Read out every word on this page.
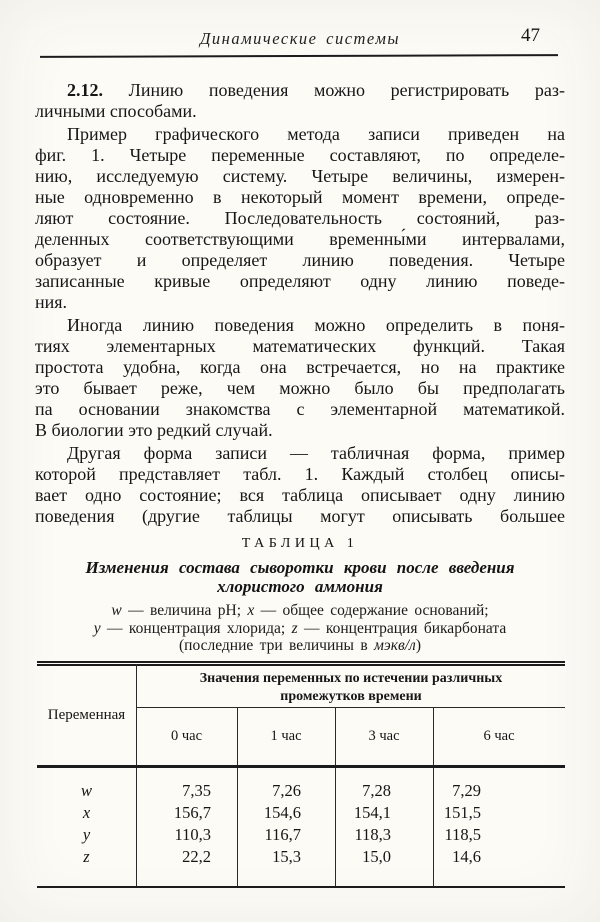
Динамические системы	47
2.12. Линию поведения можно регистрировать раз-
личными способами.
Пример графического метода записи приведен на
фиг. 1. Четыре переменные составляют, по определе-
нию, исследуемую систему. Четыре величины, измерен-
ные одновременно в некоторый момент времени, опреде-
ляют состояние. Последовательность состояний, раз-
деленных соответствующими временны́ми интервалами,
образует и определяет линию поведения. Четыре
записанные кривые определяют одну линию поведе-
ния.
Иногда линию поведения можно определить в поня-
тиях элементарных математических функций. Такая
простота удобна, когда она встречается, но на практике
это бывает реже, чем можно было бы предполагать
па основании знакомства с элементарной математикой.
В биологии это редкий случай.
Другая форма записи — табличная форма, пример
которой представляет табл. 1. Каждый столбец описы-
вает одно состояние; вся таблица описывает одну линию
поведения (другие таблицы могут описывать большее
ТАБЛИЦА 1
Изменения состава сыворотки крови после введения
хлористого аммония
w — величина pH; x — общее содержание оснований;
y — концентрация хлорида; z — концентрация бикарбоната
(последние три величины в мэкв/л)
Переменная
Значения переменных по истечении различных
промежутков времени
0 час	1 час	3 час	6 час
w	7,35	7,26	7,28	7,29
x	156,7	154,6	154,1	151,5
y	110,3	116,7	118,3	118,5
z	22,2	15,3	15,0	14,6
